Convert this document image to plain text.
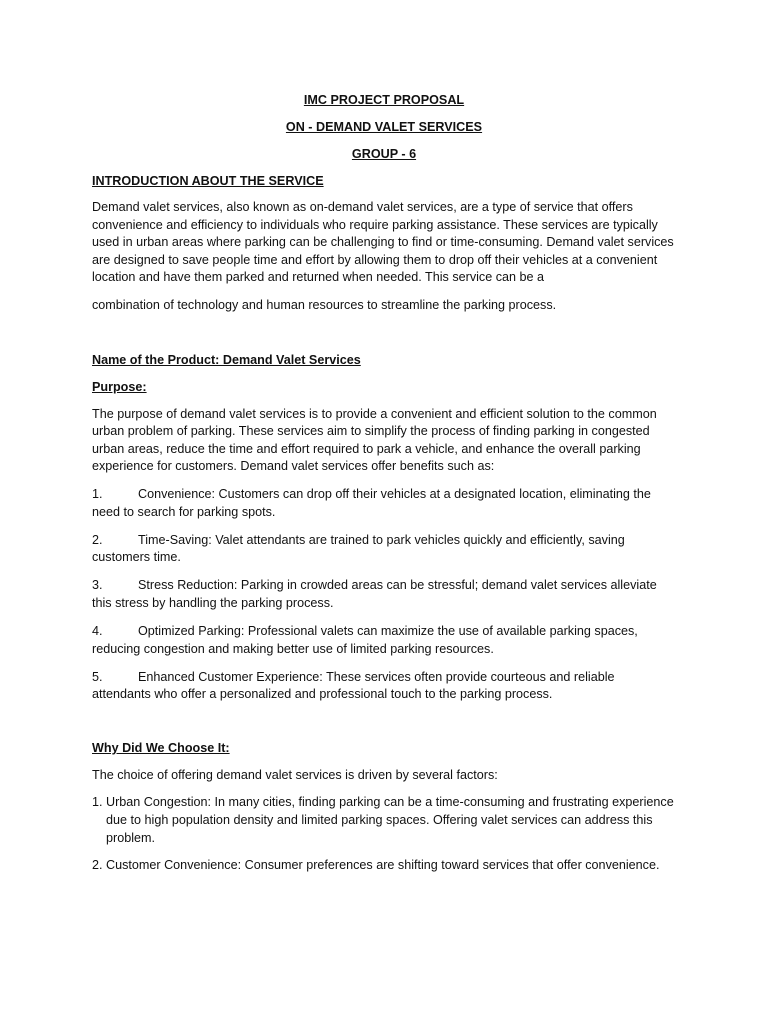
IMC PROJECT PROPOSAL

ON - DEMAND VALET SERVICES

GROUP - 6

INTRODUCTION ABOUT THE SERVICE

Demand valet services, also known as on-demand valet services, are a type of service that offers convenience and efficiency to individuals who require parking assistance. These services are typically used in urban areas where parking can be challenging to find or time-consuming. Demand valet services are designed to save people time and effort by allowing them to drop off their vehicles at a convenient location and have them parked and returned when needed. This service can be a

combination of technology and human resources to streamline the parking process.

Name of the Product: Demand Valet Services

Purpose:

The purpose of demand valet services is to provide a convenient and efficient solution to the common urban problem of parking. These services aim to simplify the process of finding parking in congested urban areas, reduce the time and effort required to park a vehicle, and enhance the overall parking experience for customers. Demand valet services offer benefits such as:

1.	Convenience: Customers can drop off their vehicles at a designated location, eliminating the need to search for parking spots.
2.	Time-Saving: Valet attendants are trained to park vehicles quickly and efficiently, saving customers time.
3.	Stress Reduction: Parking in crowded areas can be stressful; demand valet services alleviate this stress by handling the parking process.
4.	Optimized Parking: Professional valets can maximize the use of available parking spaces, reducing congestion and making better use of limited parking resources.
5.	Enhanced Customer Experience: These services often provide courteous and reliable attendants who offer a personalized and professional touch to the parking process.

Why Did We Choose It:

The choice of offering demand valet services is driven by several factors:

1. Urban Congestion: In many cities, finding parking can be a time-consuming and frustrating experience due to high population density and limited parking spaces. Offering valet services can address this problem.
2. Customer Convenience: Consumer preferences are shifting toward services that offer convenience.
